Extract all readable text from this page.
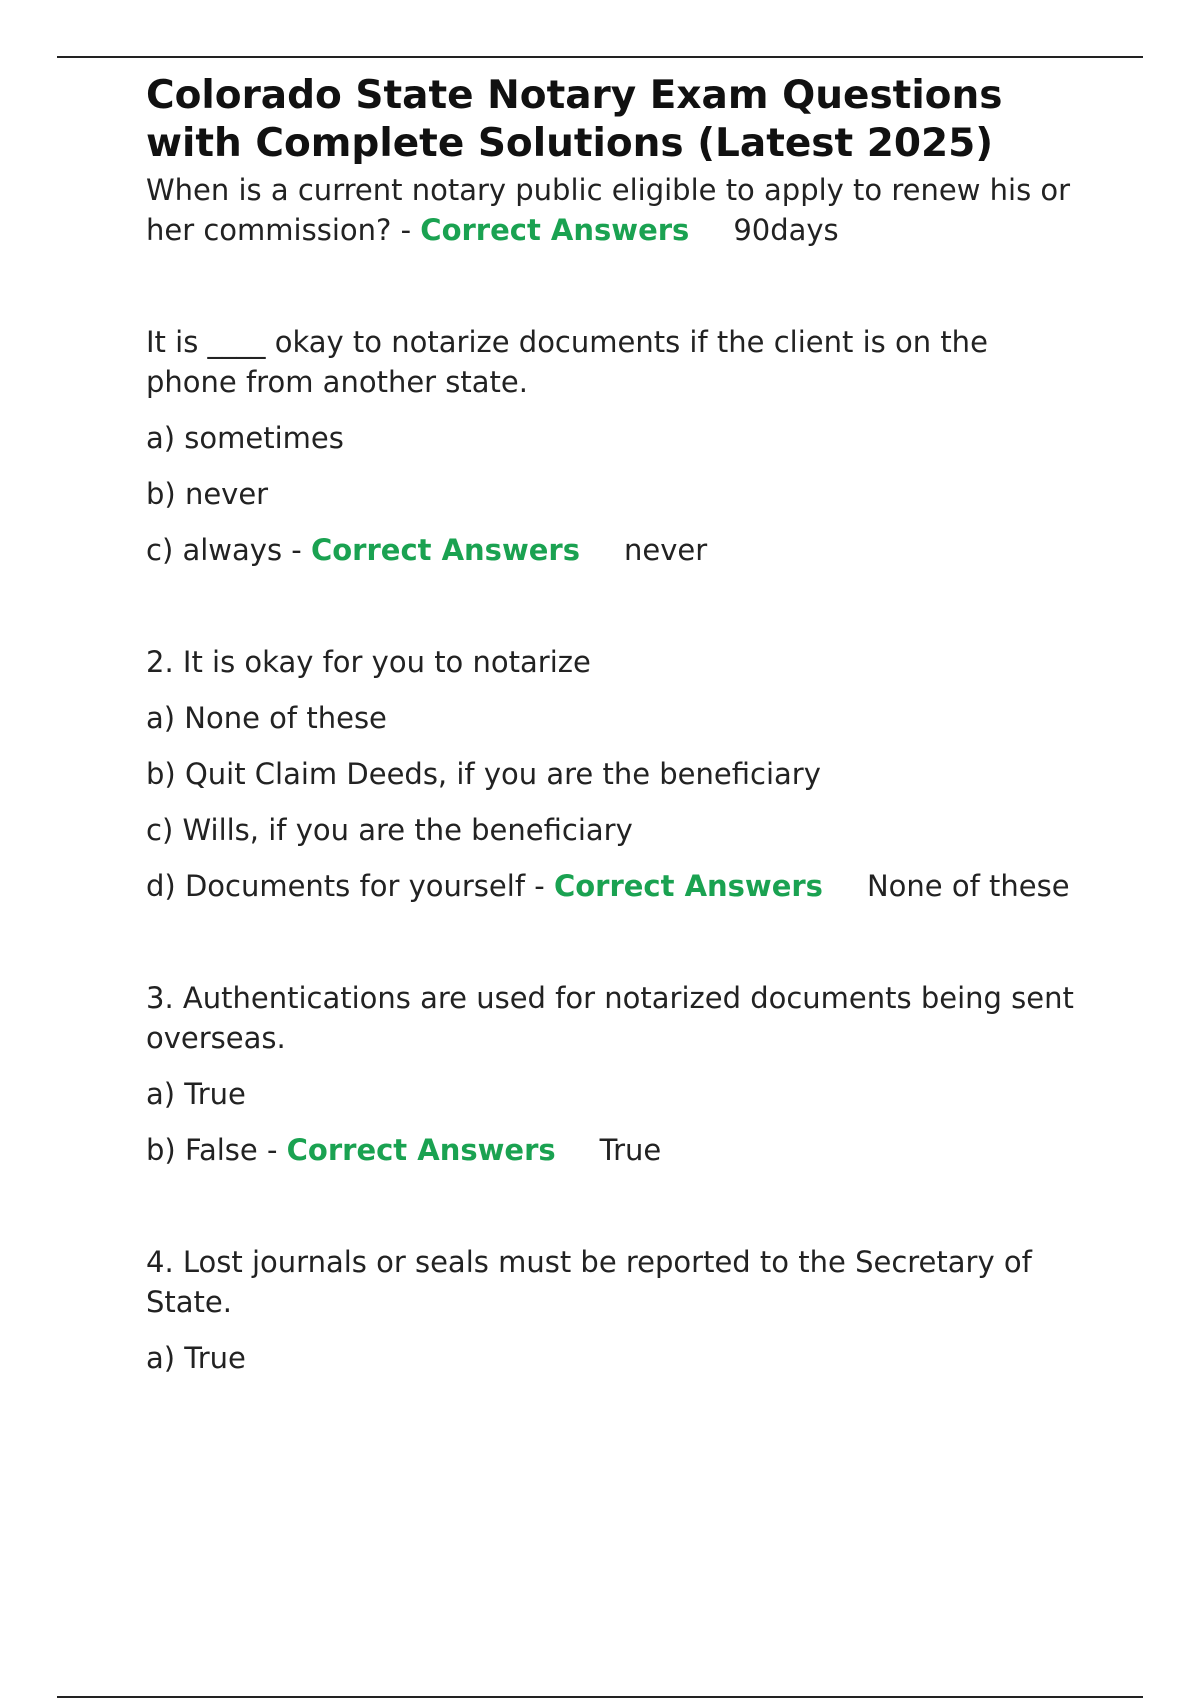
Colorado State Notary Exam Questions with Complete Solutions (Latest 2025)

When is a current notary public eligible to apply to renew his or her commission? - Correct Answers 90days

It is ____ okay to notarize documents if the client is on the phone from another state.

a) sometimes

b) never

c) always - Correct Answers never

2. It is okay for you to notarize

a) None of these

b) Quit Claim Deeds, if you are the beneficiary

c) Wills, if you are the beneficiary

d) Documents for yourself - Correct Answers None of these

3. Authentications are used for notarized documents being sent overseas.

a) True

b) False - Correct Answers True

4. Lost journals or seals must be reported to the Secretary of State.

a) True
